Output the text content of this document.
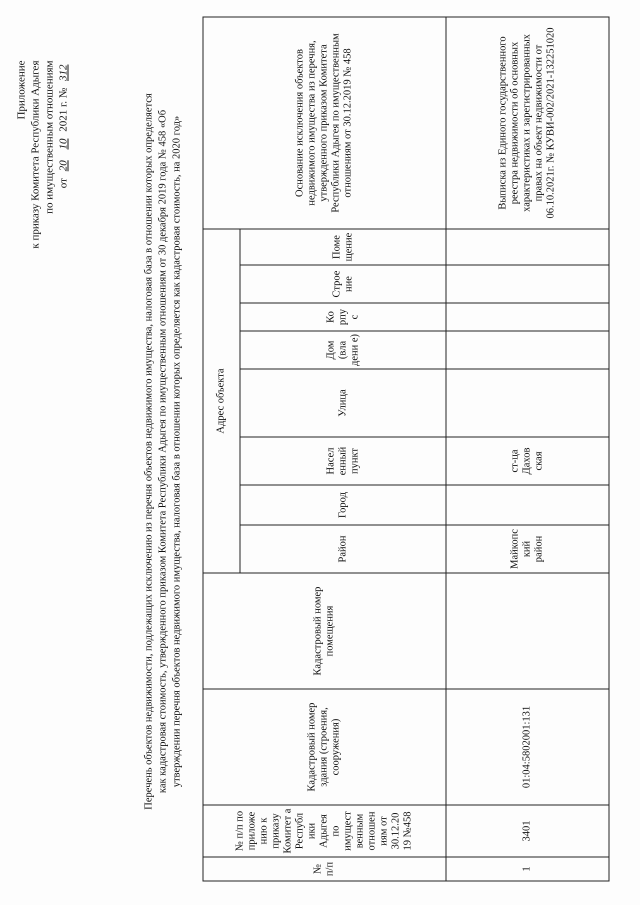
Приложение к приказу Комитета Республики Адыгея по имущественным отношениям от 20 10 2021 г. № 312
Перечень объектов недвижимости, подлежащих исключению из перечня объектов недвижимого имущества, налоговая база в отношении которых определяется как кадастровая стоимость, утвержденного приказом Комитета Республики Адыгея по имущественным отношениям от 30 декабря 2019 года № 458 «Об утверждении перечня объектов недвижимого имущества, налоговая база в отношении которых определяется как кадастровая стоимость, на 2020 год»
№ п/п	№ п/п по приложе нию к приказу Комитет а Республ ики Адыгея по имущест венным отношен иям от 30.12.20 19 №458	Кадастровый номер здания (строения, сооружения)	Кадастровый номер помещения	Адрес объекта								Основание исключения объектов недвижимого имущества из перечня, утвержденного приказом Комитета Республики Адыгея по имущественным отношениям от 30.12.2019 № 458
				Район	Город	Насел енный пункт	Улица	Дом (вла дени е)	Ко рпу с	Строе ние	Поме щение	
1	3401	01:04:5802001:131		Майкопс кий район		ст-ца Дахов ская						Выписка из Единого государственного реестра недвижимости об основных характеристиках и зарегистрированных правах на объект недвижимости от 06.10.2021г. № КУВИ-002/2021-132251020
